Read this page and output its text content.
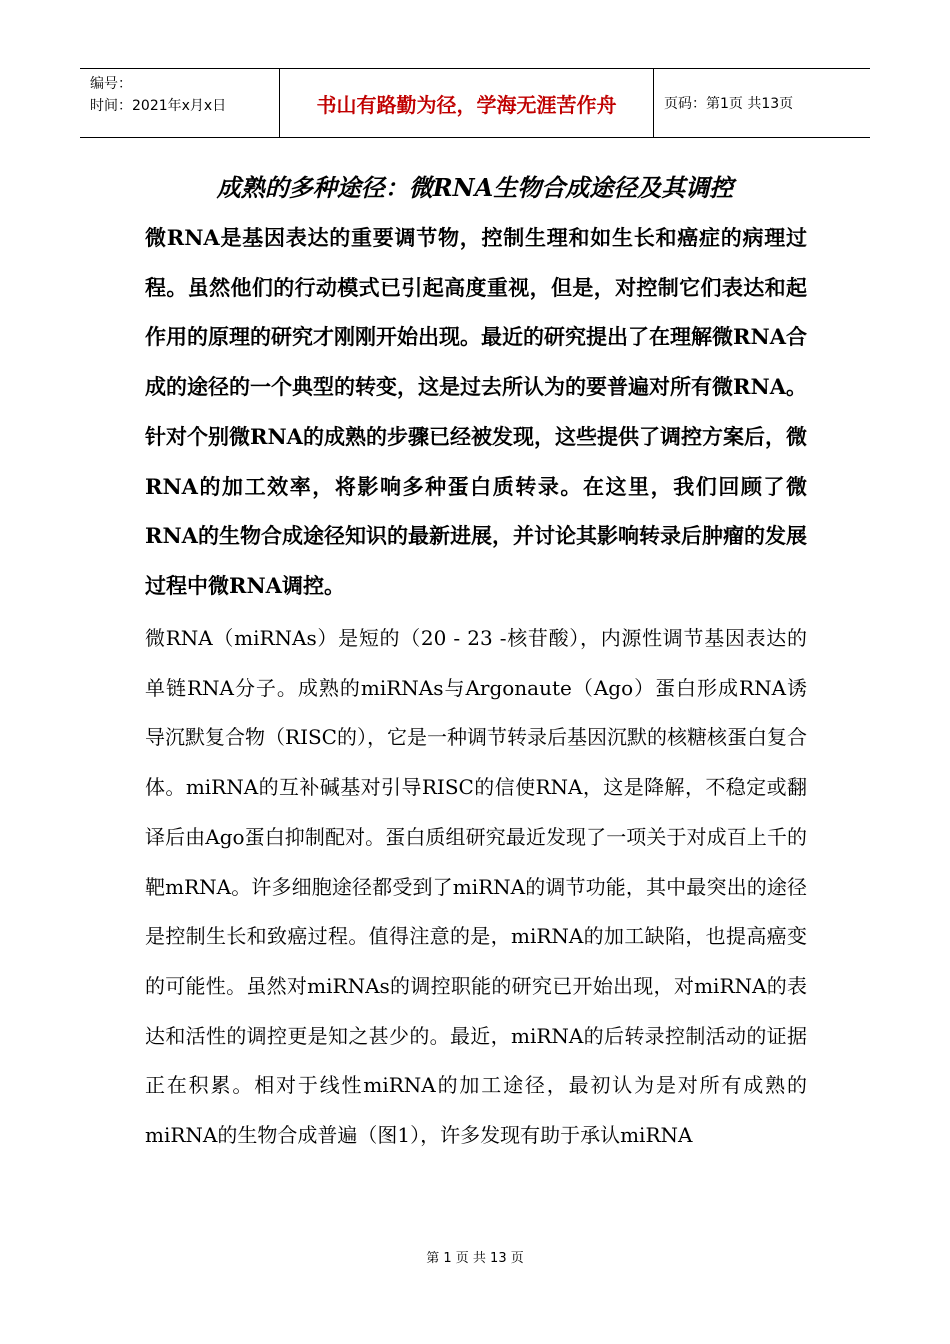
编号：
时间：2021年x月x日	书山有路勤为径，学海无涯苦作舟	页码：第1页 共13页
成熟的多种途径：微RNA生物合成途径及其调控

微RNA是基因表达的重要调节物，控制生理和如生长和癌症的病理过程。虽然他们的行动模式已引起高度重视，但是，对控制它们表达和起作用的原理的研究才刚刚开始出现。最近的研究提出了在理解微RNA合成的途径的一个典型的转变，这是过去所认为的要普遍对所有微RNA。针对个别微RNA的成熟的步骤已经被发现，这些提供了调控方案后，微RNA的加工效率，将影响多种蛋白质转录。在这里，我们回顾了微RNA的生物合成途径知识的最新进展，并讨论其影响转录后肿瘤的发展过程中微RNA调控。

微RNA（miRNAs）是短的（20 - 23 -核苷酸），内源性调节基因表达的单链RNA分子。成熟的miRNAs与Argonaute（Ago）蛋白形成RNA诱导沉默复合物（RISC的），它是一种调节转录后基因沉默的核糖核蛋白复合体。miRNA的互补碱基对引导RISC的信使RNA，这是降解，不稳定或翻译后由Ago蛋白抑制配对。蛋白质组研究最近发现了一项关于对成百上千的靶mRNA。许多细胞途径都受到了miRNA的调节功能，其中最突出的途径是控制生长和致癌过程。值得注意的是，miRNA的加工缺陷，也提高癌变的可能性。虽然对miRNAs的调控职能的研究已开始出现，对miRNA的表达和活性的调控更是知之甚少的。最近，miRNA的后转录控制活动的证据正在积累。相对于线性miRNA的加工途径，最初认为是对所有成熟的miRNA的生物合成普遍（图1），许多发现有助于承认miRNA

第 1 页 共 13 页
